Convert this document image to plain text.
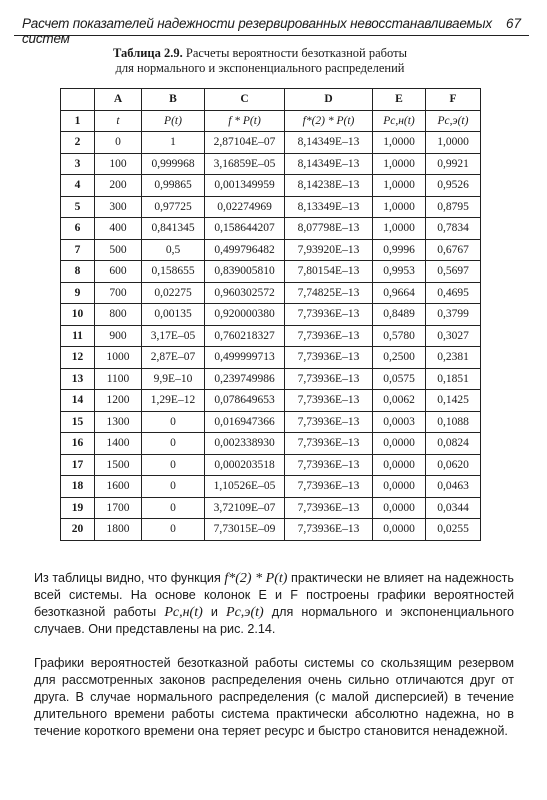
Расчет показателей надежности резервированных невосстанавливаемых систем
67
Таблица 2.9. Расчеты вероятности безотказной работы
для нормального и экспоненциального распределений
	A	B	C	D	E	F
1	t	P(t)	f * P(t)	f*(2) * P(t)	Pс,н(t)	Pс,э(t)
2	0	1	2,87104E–07	8,14349E–13	1,0000	1,0000
3	100	0,999968	3,16859E–05	8,14349E–13	1,0000	0,9921
4	200	0,99865	0,001349959	8,14238E–13	1,0000	0,9526
5	300	0,97725	0,02274969	8,13349E–13	1,0000	0,8795
6	400	0,841345	0,158644207	8,07798E–13	1,0000	0,7834
7	500	0,5	0,499796482	7,93920E–13	0,9996	0,6767
8	600	0,158655	0,839005810	7,80154E–13	0,9953	0,5697
9	700	0,02275	0,960302572	7,74825E–13	0,9664	0,4695
10	800	0,00135	0,920000380	7,73936E–13	0,8489	0,3799
11	900	3,17E–05	0,760218327	7,73936E–13	0,5780	0,3027
12	1000	2,87E–07	0,499999713	7,73936E–13	0,2500	0,2381
13	1100	9,9E–10	0,239749986	7,73936E–13	0,0575	0,1851
14	1200	1,29E–12	0,078649653	7,73936E–13	0,0062	0,1425
15	1300	0	0,016947366	7,73936E–13	0,0003	0,1088
16	1400	0	0,002338930	7,73936E–13	0,0000	0,0824
17	1500	0	0,000203518	7,73936E–13	0,0000	0,0620
18	1600	0	1,10526E–05	7,73936E–13	0,0000	0,0463
19	1700	0	3,72109E–07	7,73936E–13	0,0000	0,0344
20	1800	0	7,73015E–09	7,73936E–13	0,0000	0,0255

Из таблицы видно, что функция f*(2) * P(t) практически не влияет на надежность всей системы. На основе колонок E и F построены графики вероятностей безотказной работы Pс,н(t) и Pс,э(t) для нормального и экспоненциального случаев. Они представлены на рис. 2.14.

Графики вероятностей безотказной работы системы со скользящим резервом для рассмотренных законов распределения очень сильно отличаются друг от друга. В случае нормального распределения (с малой дисперсией) в течение длительного времени работы система практически абсолютно надежна, но в течение короткого времени она теряет ресурс и быстро становится ненадежной.
